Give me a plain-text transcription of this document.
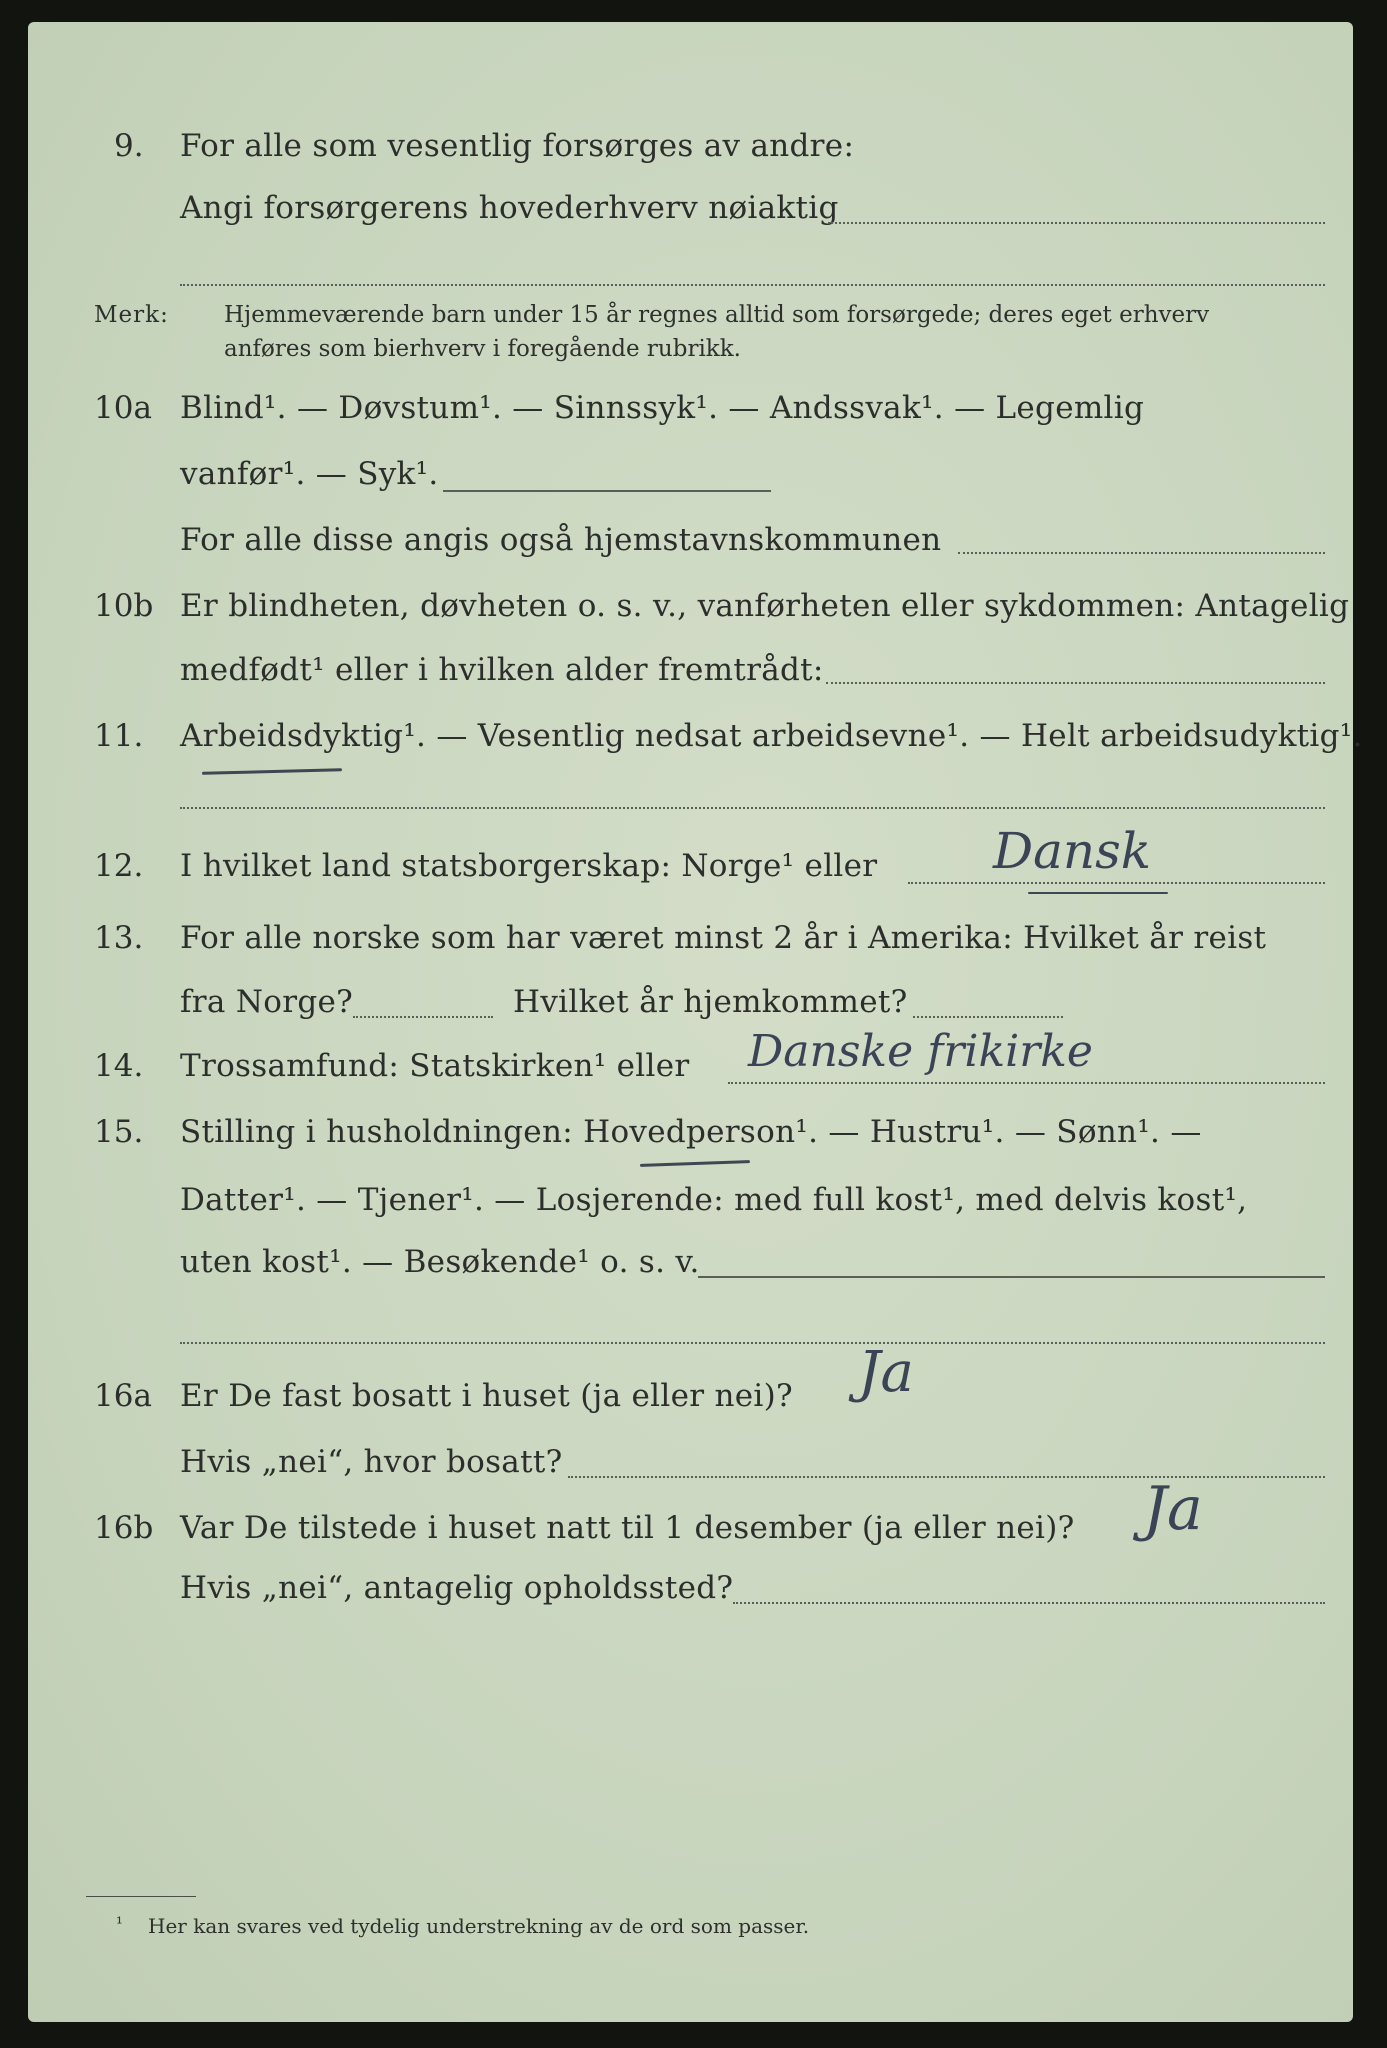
9. For alle som vesentlig forsørges av andre:
Angi forsørgerens hovederhverv nøiaktig
Merk: Hjemmeværende barn under 15 år regnes alltid som forsørgede; deres eget erhverv
anføres som bierhverv i foregående rubrikk.
10a Blind¹. — Døvstum¹. — Sinnssyk¹. — Andssvak¹. — Legemlig
vanfør¹. — Syk¹.
For alle disse angis også hjemstavnskommunen
10b Er blindheten, døvheten o. s. v., vanførheten eller sykdommen: Antagelig
medfødt¹ eller i hvilken alder fremtrådt:
11. Arbeidsdyktig¹. — Vesentlig nedsat arbeidsevne¹. — Helt arbeidsudyktig¹.
12. I hvilket land statsborgerskap: Norge¹ eller Dansk
13. For alle norske som har været minst 2 år i Amerika: Hvilket år reist
fra Norge?	Hvilket år hjemkommet?
14. Trossamfund: Statskirken¹ eller Danske frikirke
15. Stilling i husholdningen: Hovedperson¹. — Hustru¹. — Sønn¹. —
Datter¹. — Tjener¹. — Losjerende: med full kost¹, med delvis kost¹,
uten kost¹. — Besøkende¹ o. s. v.
16a Er De fast bosatt i huset (ja eller nei)? Ja
Hvis „nei“, hvor bosatt?
16b Var De tilstede i huset natt til 1 desember (ja eller nei)? Ja
Hvis „nei“, antagelig opholdssted?
¹ Her kan svares ved tydelig understrekning av de ord som passer.
